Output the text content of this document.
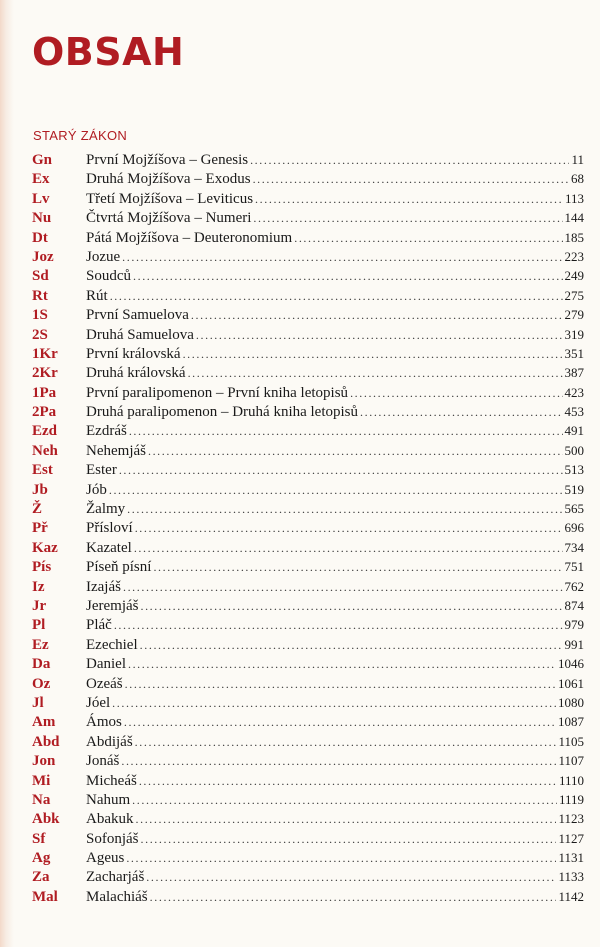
OBSAH
STARÝ ZÁKON
Gn	První Mojžíšova – Genesis .....	11
Ex	Druhá Mojžíšova – Exodus .....	68
Lv	Třetí Mojžíšova – Leviticus .....	113
Nu	Čtvrtá Mojžíšova – Numeri .....	144
Dt	Pátá Mojžíšova – Deuteronomium .....	185
Joz	Jozue .....	223
Sd	Soudců .....	249
Rt	Rút .....	275
1S	První Samuelova .....	279
2S	Druhá Samuelova .....	319
1Kr	První královská .....	351
2Kr	Druhá královská .....	387
1Pa	První paralipomenon – První kniha letopisů .....	423
2Pa	Druhá paralipomenon – Druhá kniha letopisů .....	453
Ezd	Ezdráš .....	491
Neh	Nehemjáš .....	500
Est	Ester .....	513
Jb	Jób .....	519
Ž	Žalmy .....	565
Př	Přísloví .....	696
Kaz	Kazatel .....	734
Pís	Píseň písní .....	751
Iz	Izajáš .....	762
Jr	Jeremjáš .....	874
Pl	Pláč .....	979
Ez	Ezechiel .....	991
Da	Daniel .....	1046
Oz	Ozeáš .....	1061
Jl	Jóel .....	1080
Am	Ámos .....	1087
Abd	Abdijáš .....	1105
Jon	Jonáš .....	1107
Mi	Micheáš .....	1110
Na	Nahum .....	1119
Abk	Abakuk .....	1123
Sf	Sofonjáš .....	1127
Ag	Ageus .....	1131
Za	Zacharjáš .....	1133
Mal	Malachiáš .....	1142
